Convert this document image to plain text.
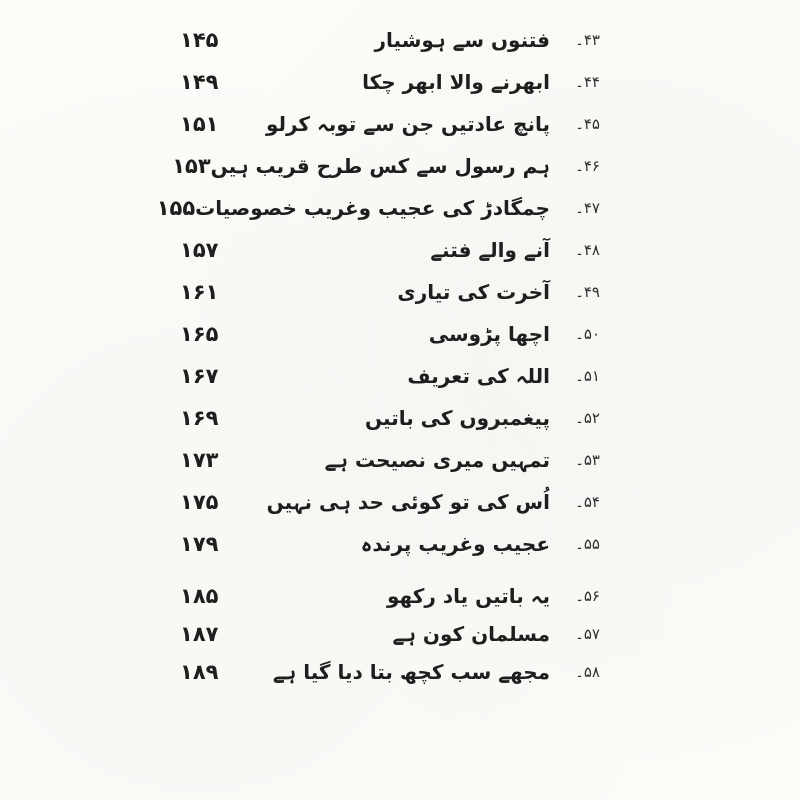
۴۳۔
فتنوں سے ہوشیار
۱۴۵
۴۴۔
ابھرنے والا ابھر چکا
۱۴۹
۴۵۔
پانچ عادتیں جن سے توبہ کرلو
۱۵۱
۴۶۔
ہم رسول سے کس طرح قریب ہیں
۱۵۳
۴۷۔
چمگادڑ کی عجیب وغریب خصوصیات
۱۵۵
۴۸۔
آنے والے فتنے
۱۵۷
۴۹۔
آخرت کی تیاری
۱۶۱
۵۰۔
اچھا پڑوسی
۱۶۵
۵۱۔
اللہ کی تعریف
۱۶۷
۵۲۔
پیغمبروں کی باتیں
۱۶۹
۵۳۔
تمہیں میری نصیحت ہے
۱۷۳
۵۴۔
اُس کی تو کوئی حد ہی نہیں
۱۷۵
۵۵۔
عجیب وغریب پرندہ
۱۷۹
۵۶۔
یہ باتیں یاد رکھو
۱۸۵
۵۷۔
مسلمان کون ہے
۱۸۷
۵۸۔
مجھے سب کچھ بتا دیا گیا ہے
۱۸۹
